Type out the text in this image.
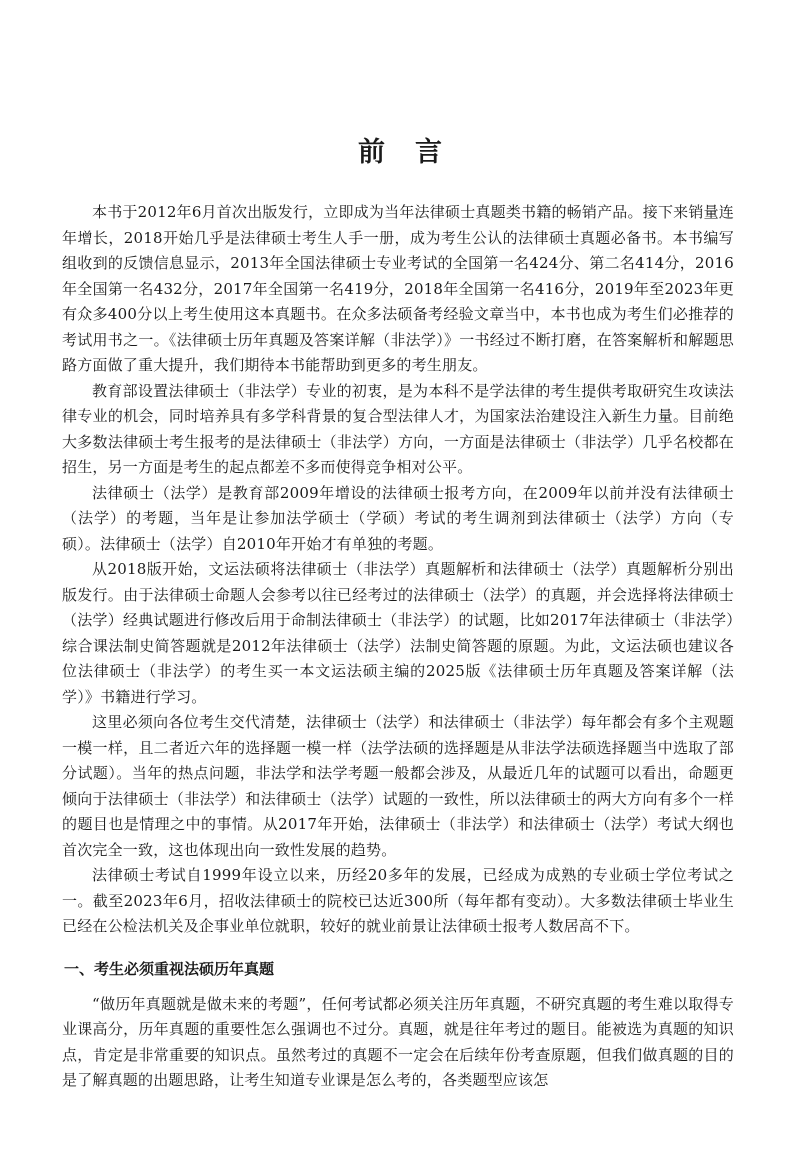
前言

本书于2012年6月首次出版发行，立即成为当年法律硕士真题类书籍的畅销产品。接下来销量连年增长，2018开始几乎是法律硕士考生人手一册，成为考生公认的法律硕士真题必备书。本书编写组收到的反馈信息显示，2013年全国法律硕士专业考试的全国第一名424分、第二名414分，2016年全国第一名432分，2017年全国第一名419分，2018年全国第一名416分，2019年至2023年更有众多400分以上考生使用这本真题书。在众多法硕备考经验文章当中，本书也成为考生们必推荐的考试用书之一。《法律硕士历年真题及答案详解（非法学）》一书经过不断打磨，在答案解析和解题思路方面做了重大提升，我们期待本书能帮助到更多的考生朋友。

教育部设置法律硕士（非法学）专业的初衷，是为本科不是学法律的考生提供考取研究生攻读法律专业的机会，同时培养具有多学科背景的复合型法律人才，为国家法治建设注入新生力量。目前绝大多数法律硕士考生报考的是法律硕士（非法学）方向，一方面是法律硕士（非法学）几乎名校都在招生，另一方面是考生的起点都差不多而使得竞争相对公平。

法律硕士（法学）是教育部2009年增设的法律硕士报考方向，在2009年以前并没有法律硕士（法学）的考题，当年是让参加法学硕士（学硕）考试的考生调剂到法律硕士（法学）方向（专硕）。法律硕士（法学）自2010年开始才有单独的考题。

从2018版开始，文运法硕将法律硕士（非法学）真题解析和法律硕士（法学）真题解析分别出版发行。由于法律硕士命题人会参考以往已经考过的法律硕士（法学）的真题，并会选择将法律硕士（法学）经典试题进行修改后用于命制法律硕士（非法学）的试题，比如2017年法律硕士（非法学）综合课法制史简答题就是2012年法律硕士（法学）法制史简答题的原题。为此，文运法硕也建议各位法律硕士（非法学）的考生买一本文运法硕主编的2025版《法律硕士历年真题及答案详解（法学）》书籍进行学习。

这里必须向各位考生交代清楚，法律硕士（法学）和法律硕士（非法学）每年都会有多个主观题一模一样，且二者近六年的选择题一模一样（法学法硕的选择题是从非法学法硕选择题当中选取了部分试题）。当年的热点问题，非法学和法学考题一般都会涉及，从最近几年的试题可以看出，命题更倾向于法律硕士（非法学）和法律硕士（法学）试题的一致性，所以法律硕士的两大方向有多个一样的题目也是情理之中的事情。从2017年开始，法律硕士（非法学）和法律硕士（法学）考试大纲也首次完全一致，这也体现出向一致性发展的趋势。

法律硕士考试自1999年设立以来，历经20多年的发展，已经成为成熟的专业硕士学位考试之一。截至2023年6月，招收法律硕士的院校已达近300所（每年都有变动）。大多数法律硕士毕业生已经在公检法机关及企事业单位就职，较好的就业前景让法律硕士报考人数居高不下。

一、考生必须重视法硕历年真题

“做历年真题就是做未来的考题”，任何考试都必须关注历年真题，不研究真题的考生难以取得专业课高分，历年真题的重要性怎么强调也不过分。真题，就是往年考过的题目。能被选为真题的知识点，肯定是非常重要的知识点。虽然考过的真题不一定会在后续年份考查原题，但我们做真题的目的是了解真题的出题思路，让考生知道专业课是怎么考的，各类题型应该怎
